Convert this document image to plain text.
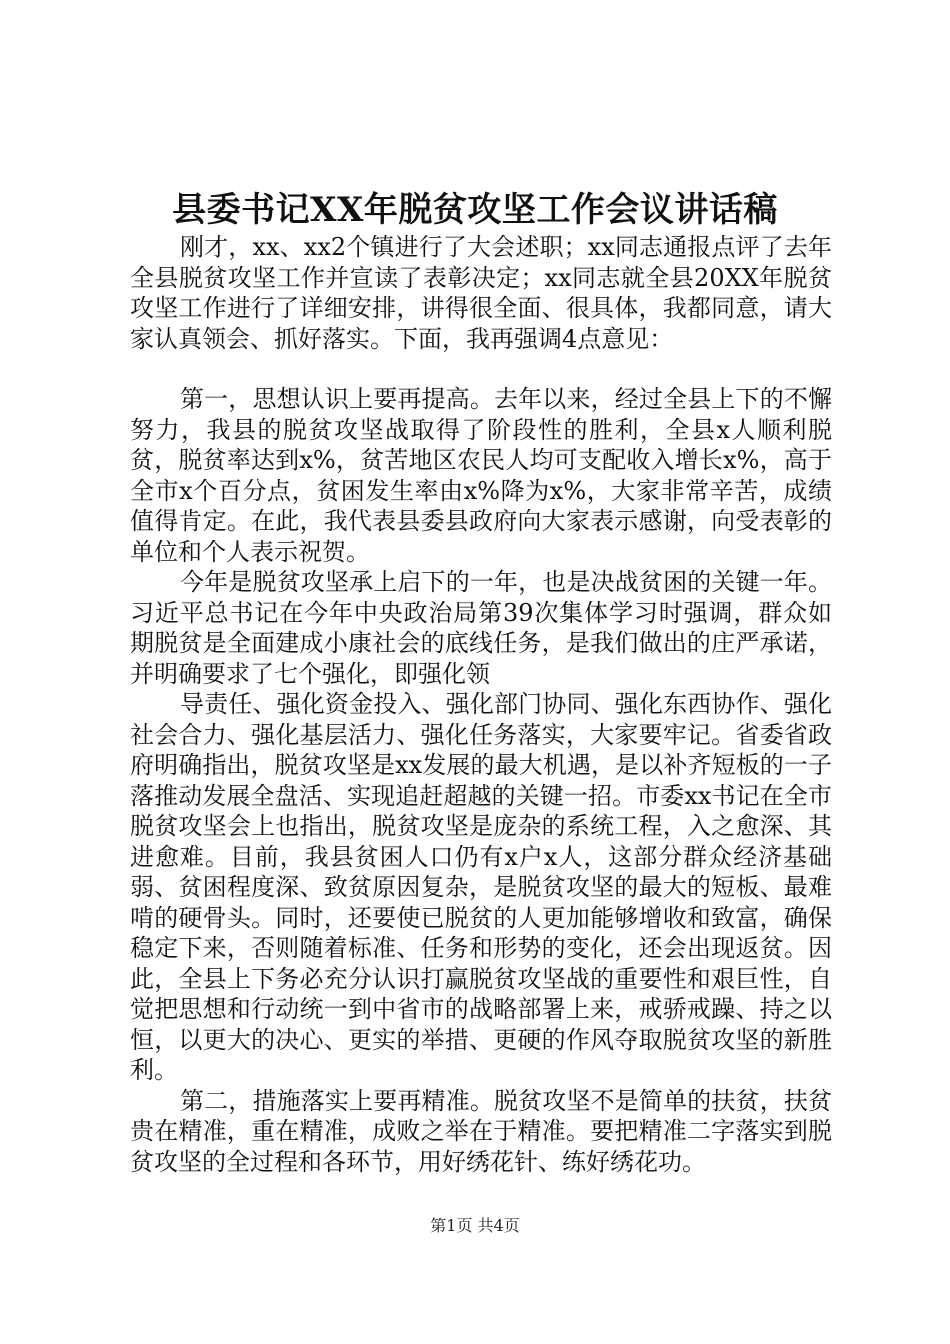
县委书记XX年脱贫攻坚工作会议讲话稿

刚才，xx、xx2个镇进行了大会述职；xx同志通报点评了去年全县脱贫攻坚工作并宣读了表彰决定；xx同志就全县20XX年脱贫攻坚工作进行了详细安排，讲得很全面、很具体，我都同意，请大家认真领会、抓好落实。下面，我再强调4点意见：

第一，思想认识上要再提高。去年以来，经过全县上下的不懈努力，我县的脱贫攻坚战取得了阶段性的胜利，全县x人顺利脱贫，脱贫率达到x%，贫苦地区农民人均可支配收入增长x%，高于全市x个百分点，贫困发生率由x%降为x%，大家非常辛苦，成绩值得肯定。在此，我代表县委县政府向大家表示感谢，向受表彰的单位和个人表示祝贺。

今年是脱贫攻坚承上启下的一年，也是决战贫困的关键一年。习近平总书记在今年中央政治局第39次集体学习时强调，群众如期脱贫是全面建成小康社会的底线任务，是我们做出的庄严承诺，并明确要求了七个强化，即强化领

导责任、强化资金投入、强化部门协同、强化东西协作、强化社会合力、强化基层活力、强化任务落实，大家要牢记。省委省政府明确指出，脱贫攻坚是xx发展的最大机遇，是以补齐短板的一子落推动发展全盘活、实现追赶超越的关键一招。市委xx书记在全市脱贫攻坚会上也指出，脱贫攻坚是庞杂的系统工程，入之愈深、其进愈难。目前，我县贫困人口仍有x户x人，这部分群众经济基础弱、贫困程度深、致贫原因复杂，是脱贫攻坚的最大的短板、最难啃的硬骨头。同时，还要使已脱贫的人更加能够增收和致富，确保稳定下来，否则随着标准、任务和形势的变化，还会出现返贫。因此，全县上下务必充分认识打赢脱贫攻坚战的重要性和艰巨性，自觉把思想和行动统一到中省市的战略部署上来，戒骄戒躁、持之以恒，以更大的决心、更实的举措、更硬的作风夺取脱贫攻坚的新胜利。

第二，措施落实上要再精准。脱贫攻坚不是简单的扶贫，扶贫贵在精准，重在精准，成败之举在于精准。要把精准二字落实到脱贫攻坚的全过程和各环节，用好绣花针、练好绣花功。

第1页 共4页
